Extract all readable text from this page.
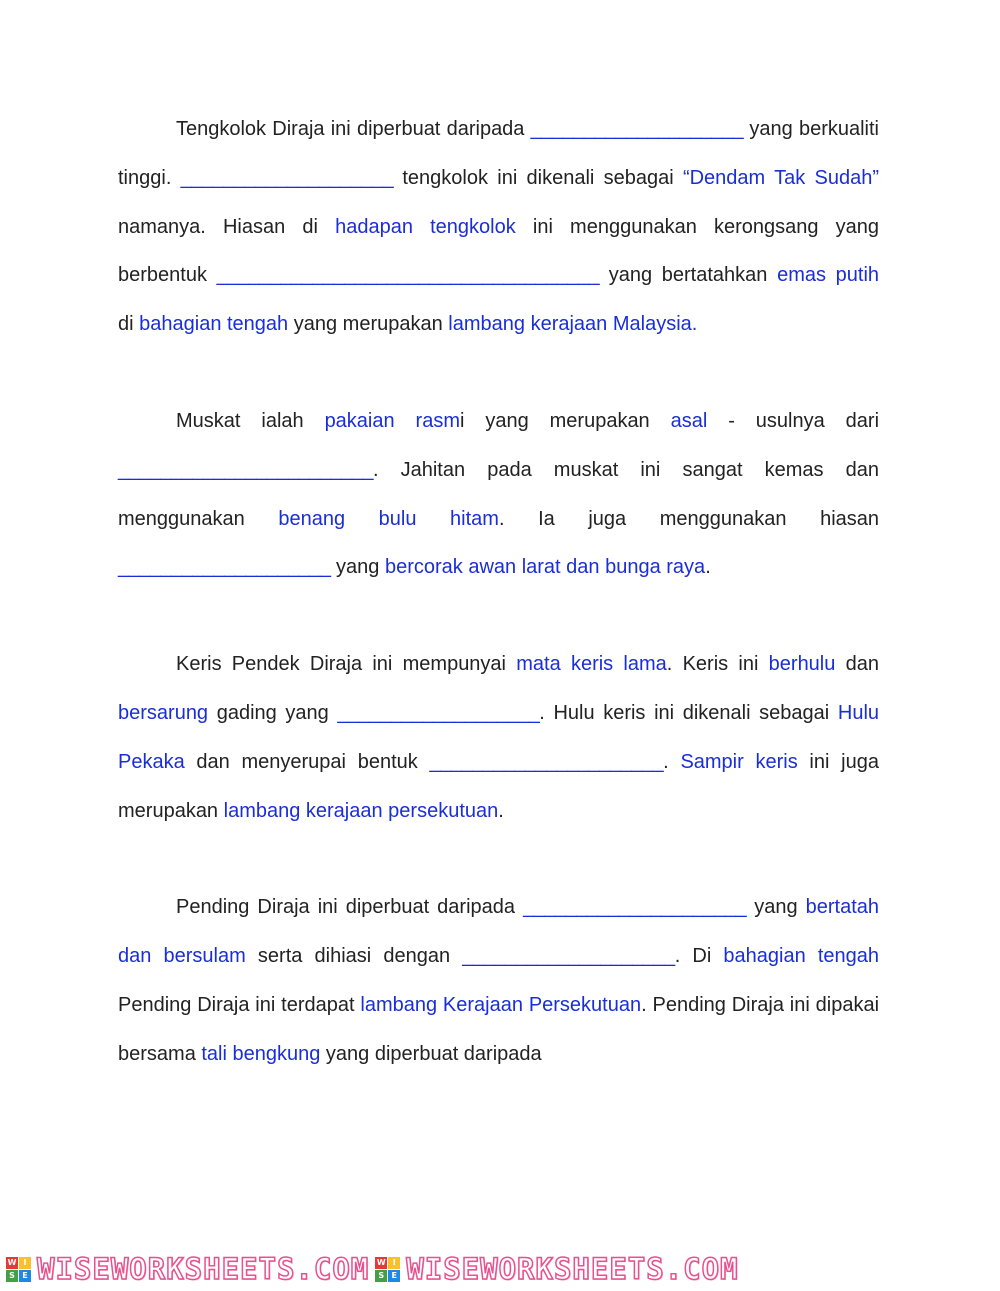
Tengkolok Diraja ini diperbuat daripada ____________________ yang berkualiti tinggi. ____________________ tengkolok ini dikenali sebagai “Dendam Tak Sudah” namanya. Hiasan di hadapan tengkolok ini menggunakan kerongsang yang berbentuk ____________________________________ yang bertatahkan emas putih di bahagian tengah yang merupakan lambang kerajaan Malaysia.

Muskat ialah pakaian rasmi yang merupakan asal - usulnya dari ________________________. Jahitan pada muskat ini sangat kemas dan menggunakan benang bulu hitam. Ia juga menggunakan hiasan ____________________ yang bercorak awan larat dan bunga raya.

Keris Pendek Diraja ini mempunyai mata keris lama. Keris ini berhulu dan bersarung gading yang ___________________. Hulu keris ini dikenali sebagai Hulu Pekaka dan menyerupai bentuk ______________________. Sampir keris ini juga merupakan lambang kerajaan persekutuan.

Pending Diraja ini diperbuat daripada _____________________ yang bertatah dan bersulam serta dihiasi dengan ____________________. Di bahagian tengah Pending Diraja ini terdapat lambang Kerajaan Persekutuan. Pending Diraja ini dipakai bersama tali bengkung yang diperbuat daripada

W I
S E WISEWORKSHEETS.COM W I
S E WISEWORKSHEETS.COM
